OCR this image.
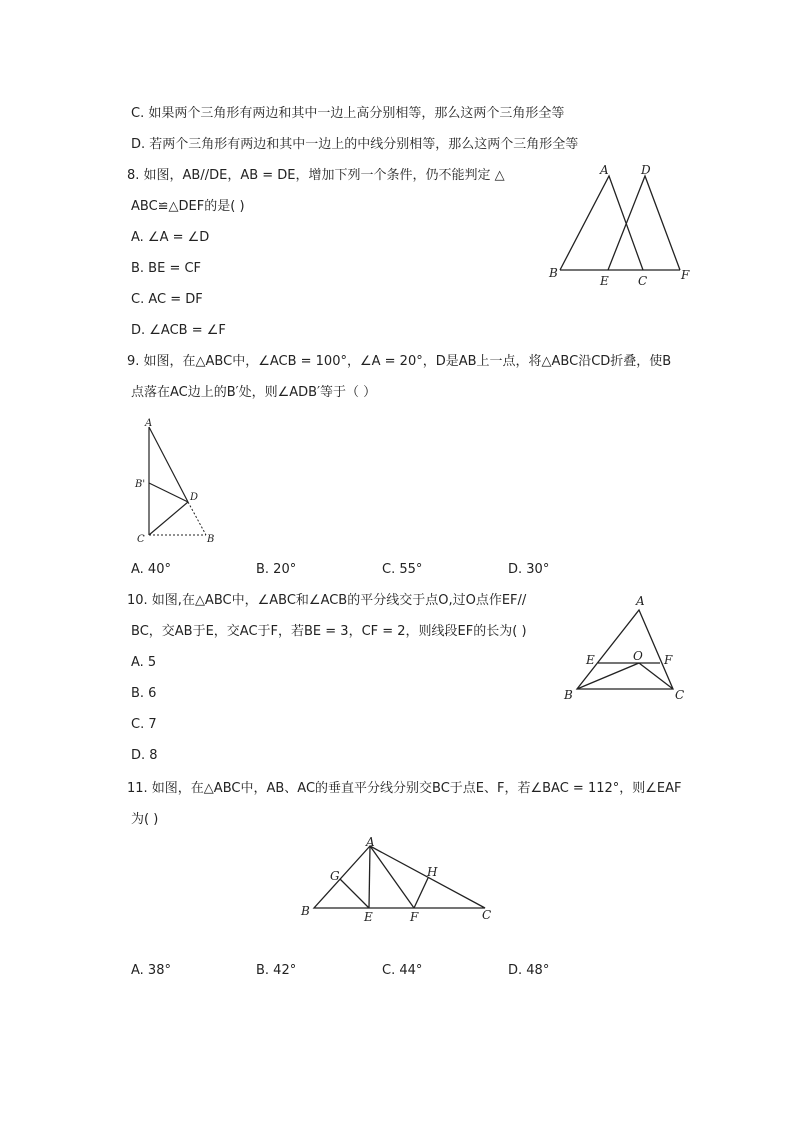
C. 如果两个三角形有两边和其中一边上高分别相等，那么这两个三角形全等
D. 若两个三角形有两边和其中一边上的中线分别相等，那么这两个三角形全等
8. 如图，AB//DE，AB = DE，增加下列一个条件，仍不能判定 △
ABC≌△DEF的是( )
A. ∠A = ∠D
B. BE = CF
C. AC = DF
D. ∠ACB = ∠F
A	D
B
E C	F
9. 如图，在△ABC中，∠ACB = 100°，∠A = 20°，D是AB上一点，将△ABC沿CD折叠，使B
点落在AC边上的B′处，则∠ADB′等于（ ）
A
B'
D
C	B
A. 40°	B. 20°	C. 55°	D. 30°
10. 如图,在△ABC中，∠ABC和∠ACB的平分线交于点O,过O点作EF//
BC，交AB于E，交AC于F，若BE = 3，CF = 2，则线段EF的长为( )
A. 5
B. 6
C. 7
D. 8
A
E	O F
B	C
11. 如图，在△ABC中，AB、AC的垂直平分线分别交BC于点E、F，若∠BAC = 112°，则∠EAF
为( )
A
G	H
B	E	F	C
A. 38°	B. 42°	C. 44°	D. 48°
